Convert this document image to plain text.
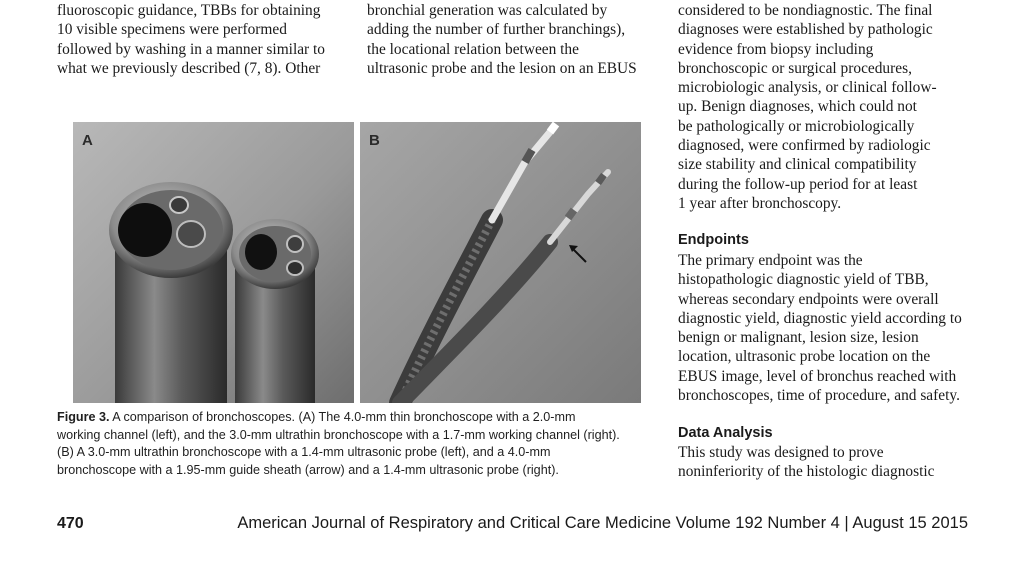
fluoroscopic guidance, TBBs for obtaining
10 visible specimens were performed
followed by washing in a manner similar to
what we previously described (7, 8). Other
bronchial generation was calculated by
adding the number of further branchings),
the locational relation between the
ultrasonic probe and the lesion on an EBUS
considered to be nondiagnostic. The final
diagnoses were established by pathologic
evidence from biopsy including
bronchoscopic or surgical procedures,
microbiologic analysis, or clinical follow-
up. Benign diagnoses, which could not
be pathologically or microbiologically
diagnosed, were confirmed by radiologic
size stability and clinical compatibility
during the follow-up period for at least
1 year after bronchoscopy.
Endpoints
The primary endpoint was the
histopathologic diagnostic yield of TBB,
whereas secondary endpoints were overall
diagnostic yield, diagnostic yield according to
benign or malignant, lesion size, lesion
location, ultrasonic probe location on the
EBUS image, level of bronchus reached with
bronchoscopes, time of procedure, and safety.
Data Analysis
This study was designed to prove
noninferiority of the histologic diagnostic
A	B
Figure 3. A comparison of bronchoscopes. (A) The 4.0-mm thin bronchoscope with a 2.0-mm
working channel (left), and the 3.0-mm ultrathin bronchoscope with a 1.7-mm working channel (right).
(B) A 3.0-mm ultrathin bronchoscope with a 1.4-mm ultrasonic probe (left), and a 4.0-mm
bronchoscope with a 1.95-mm guide sheath (arrow) and a 1.4-mm ultrasonic probe (right).
470	American Journal of Respiratory and Critical Care Medicine Volume 192 Number 4 | August 15 2015
